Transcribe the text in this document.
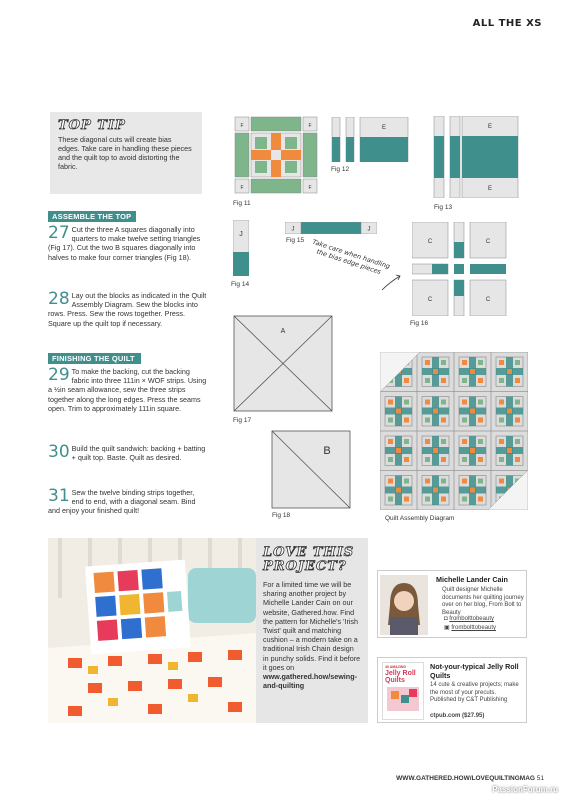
ALL THE XS
TOP TIP
These diagonal cuts will create bias edges. Take care in handling these pieces and the quilt top to avoid distorting the fabric.
ASSEMBLE THE TOP
27 Cut the three A squares diagonally into quarters to make twelve setting triangles (Fig 17). Cut the two B squares diagonally into halves to make four corner triangles (Fig 18).
28 Lay out the blocks as indicated in the Quilt Assembly Diagram. Sew the blocks into rows. Press. Sew the rows together. Press. Square up the quilt top if necessary.
FINISHING THE QUILT
29 To make the backing, cut the backing fabric into three 111in × WOF strips. Using a ½in seam allowance, sew the three strips together along the long edges. Press the seams open. Trim to approximately 111in square.
30 Build the quilt sandwich: backing + batting + quilt top. Baste. Quilt as desired.
31 Sew the twelve binding strips together, end to end, with a diagonal seam. Bind and enjoy your finished quilt!
F	F
F	F
Fig 11
E
Fig 12
E
E
Fig 13
J
Fig 14
J	J
Fig 15	Take care when handling the bias edge pieces
C	C
C	C
Fig 16
A
Fig 17
B
Fig 18	Quilt Assembly Diagram
LOVE THIS PROJECT?
For a limited time we will be sharing another project by Michelle Lander Cain on our website, Gathered.how. Find the pattern for Michelle's 'Irish Twist' quilt and matching cushion – a modern take on a traditional Irish Chain design in punchy solids. Find it before it goes on www.gathered.how/sewing-and-quilting
Michelle Lander Cain
Quilt designer Michelle documents her quilting journey over on her blog, From Bolt to Beauty
◘ frombolttobeauty
▣ frombolttobeauty
40 AMAZING
Jelly Roll Quilts
Not-your-typical Jelly Roll Quilts
14 cute & creative projects; make the most of your precuts. Published by C&T Publishing
ctpub.com ($27.95)
WWW.GATHERED.HOW/LOVEQUILTINGMAG 51
PassionForum.ru
